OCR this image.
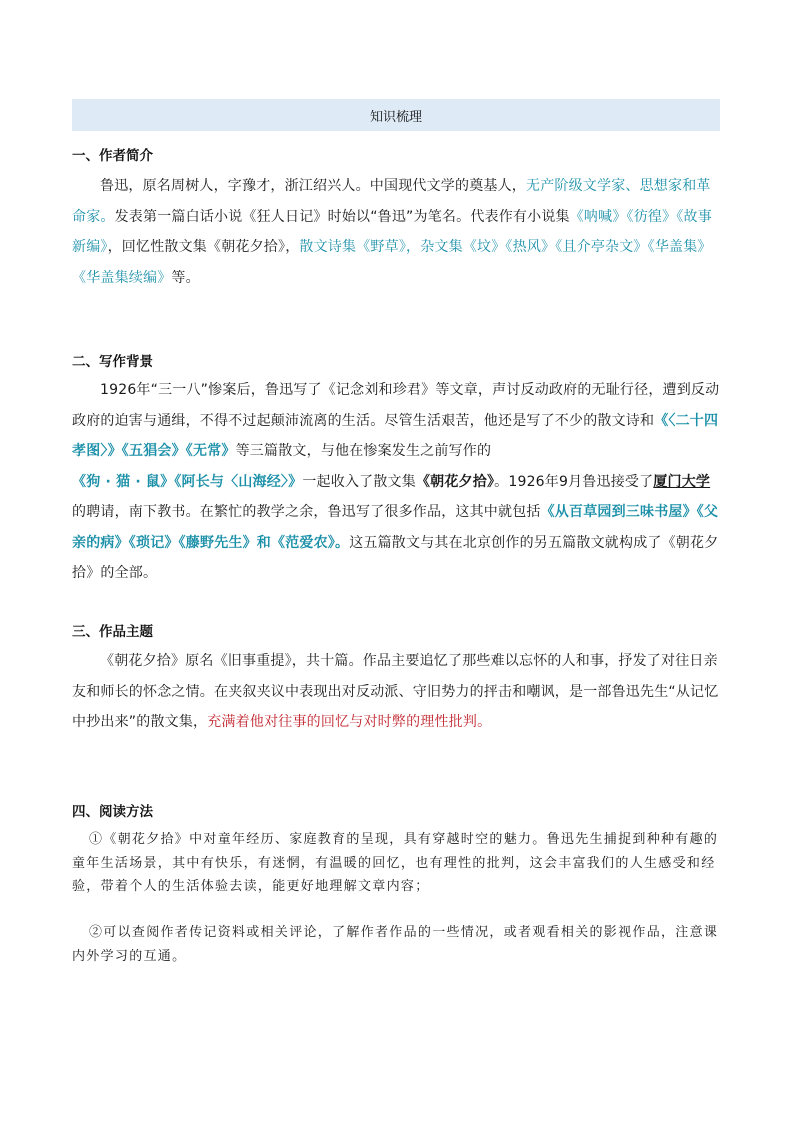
知识梳理
一、作者简介

鲁迅，原名周树人，字豫才，浙江绍兴人。中国现代文学的奠基人，无产阶级文学家、思想家和革命家。发表第一篇白话小说《狂人日记》时始以“鲁迅”为笔名。代表作有小说集《呐喊》《彷徨》《故事新编》，回忆性散文集《朝花夕拾》，散文诗集《野草》，杂文集《坟》《热风》《且介亭杂文》《华盖集》《华盖集续编》等。

二、写作背景

1926年“三一八”惨案后，鲁迅写了《记念刘和珍君》等文章，声讨反动政府的无耻行径，遭到反动政府的迫害与通缉，不得不过起颠沛流离的生活。尽管生活艰苦，他还是写了不少的散文诗和《〈二十四孝图〉》《五猖会》《无常》等三篇散文，与他在惨案发生之前写作的《狗 · 猫 · 鼠》《阿长与〈山海经〉》一起收入了散文集《朝花夕拾》。1926年9月鲁迅接受了厦门大学的聘请，南下教书。在繁忙的教学之余，鲁迅写了很多作品，这其中就包括《从百草园到三味书屋》《父亲的病》《琐记》《藤野先生》和《范爱农》。这五篇散文与其在北京创作的另五篇散文就构成了《朝花夕拾》的全部。

三、作品主题

《朝花夕拾》原名《旧事重提》，共十篇。作品主要追忆了那些难以忘怀的人和事，抒发了对往日亲友和师长的怀念之情。在夹叙夹议中表现出对反动派、守旧势力的抨击和嘲讽，是一部鲁迅先生“从记忆中抄出来”的散文集，充满着他对往事的回忆与对时弊的理性批判。

四、阅读方法

①《朝花夕拾》中对童年经历、家庭教育的呈现，具有穿越时空的魅力。鲁迅先生捕捉到种种有趣的童年生活场景，其中有快乐，有迷惘，有温暖的回忆，也有理性的批判，这会丰富我们的人生感受和经验，带着个人的生活体验去读，能更好地理解文章内容；

②可以查阅作者传记资料或相关评论，了解作者作品的一些情况，或者观看相关的影视作品，注意课内外学习的互通。
